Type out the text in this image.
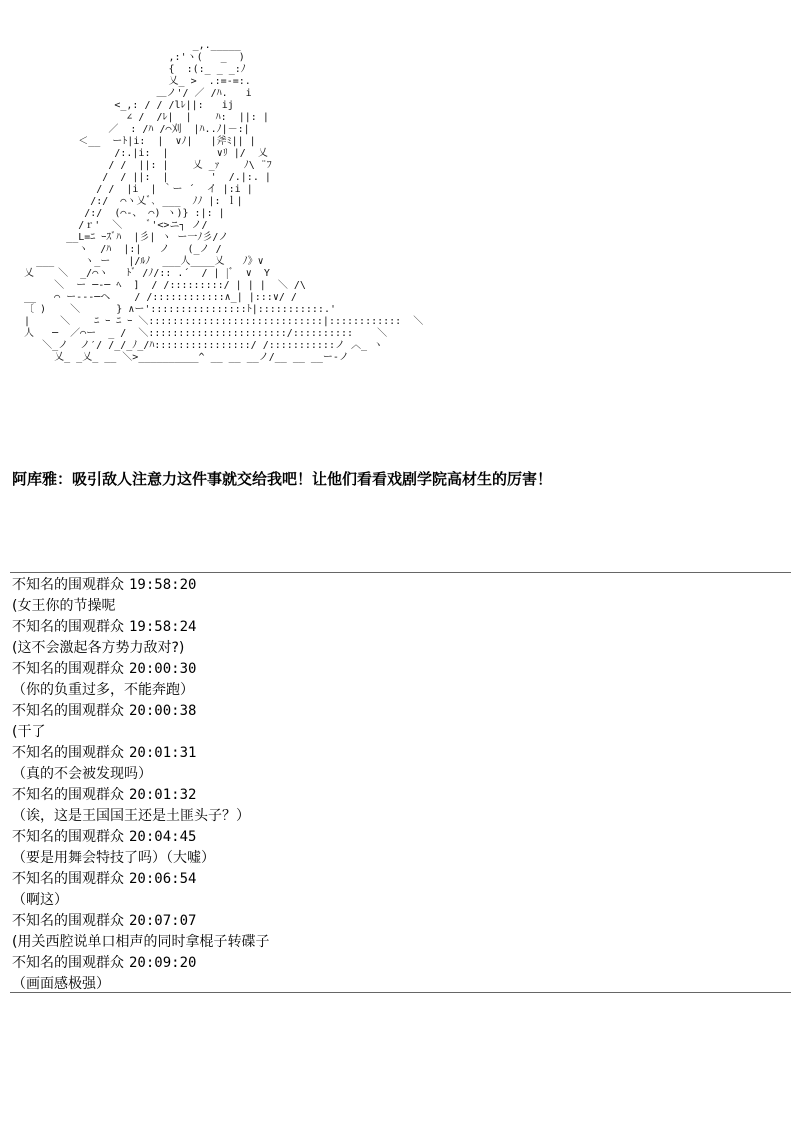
_,._____
,:'ヽ(   _  )
{  :(:_ _ _:ﾉ
乂_ >  .:=‐=:.
＿ノ'/ ／ /ﾊ.   i
<_,: / / /lﾚ||:   ij
∠ /  /ﾚ|  |    ﾊ:  ||: |
／  : /ﾊ /⌒刈  |ﾊ..ﾉ|－:|
＜__  ーﾄ|i:  |  ∨ﾉ|   |斧ﾐ|| |
/:.|i:  |        ∨ﾘ |/  乂
/ /  ||: |    乂 _ｧ    ﾉ\ ¨ﾌ
/  / ||:  |       '  /.|:. |
/ /  |i  | ｀ー ´  イ |:i |
/:/  ⌒ヽ乂ﾞ､ ___  ﾉﾉ |: ｌ|
/:/  (⌒-、 ⌒) ヽ)} :|: |
/ｒ'  ＼    ﾞ'<>ニ┐ ノ/
__L=ﾆ ｰｽﾞﾊ  |彡| ヽ ー一ﾉ彡/ノ
ヽ  /ﾊ  |:|   ノ   (_ノ /
___     ヽ_ー   |/ﾙﾉ  ___人____乂   ﾉ》∨
乂    ＼  _/⌒ヽ   ﾄﾞ /ﾉ/:: .´  / | |ﾞ  ∨  Y
＼  ー ─‐─ ﾍ  ]  / /:::::::::/ | | |  ＼ /\
__   ⌒ ー---─ヘ    / /::::::::::::∧_| |:::∨/ /
〔 )    ＼      } ∧ー'::::::::::::::::ﾄ|:::::::::::.'
|     ＼    ﾆ ｰ ﾆ ｰ ＼:::::::::::::::::::::::::::::|::::::::::::  ＼
人   ─  ／⌒ー  _ /  ＼:::::::::::::::::::::::/::::::::::    ＼
＼_ノ  ノ′/ /_/_ﾉ_/ﾊ::::::::::::::::/ /:::::::::::ノ ︿_ ヽ
乂_ _乂_ __ ＼>__________^ __ __ __ノ/__ __ __ー-ノ

阿库雅：吸引敌人注意力这件事就交给我吧！让他们看看戏剧学院高材生的厉害！
不知名的围观群众 19:58:20
(女王你的节操呢
不知名的围观群众 19:58:24
(这不会激起各方势力敌对?)
不知名的围观群众 20:00:30
（你的负重过多，不能奔跑）
不知名的围观群众 20:00:38
(干了
不知名的围观群众 20:01:31
（真的不会被发现吗）
不知名的围观群众 20:01:32
（诶，这是王国国王还是土匪头子？）
不知名的围观群众 20:04:45
（要是用舞会特技了吗）（大嘘）
不知名的围观群众 20:06:54
（啊这）
不知名的围观群众 20:07:07
(用关西腔说单口相声的同时拿棍子转碟子
不知名的围观群众 20:09:20
（画面感极强）
